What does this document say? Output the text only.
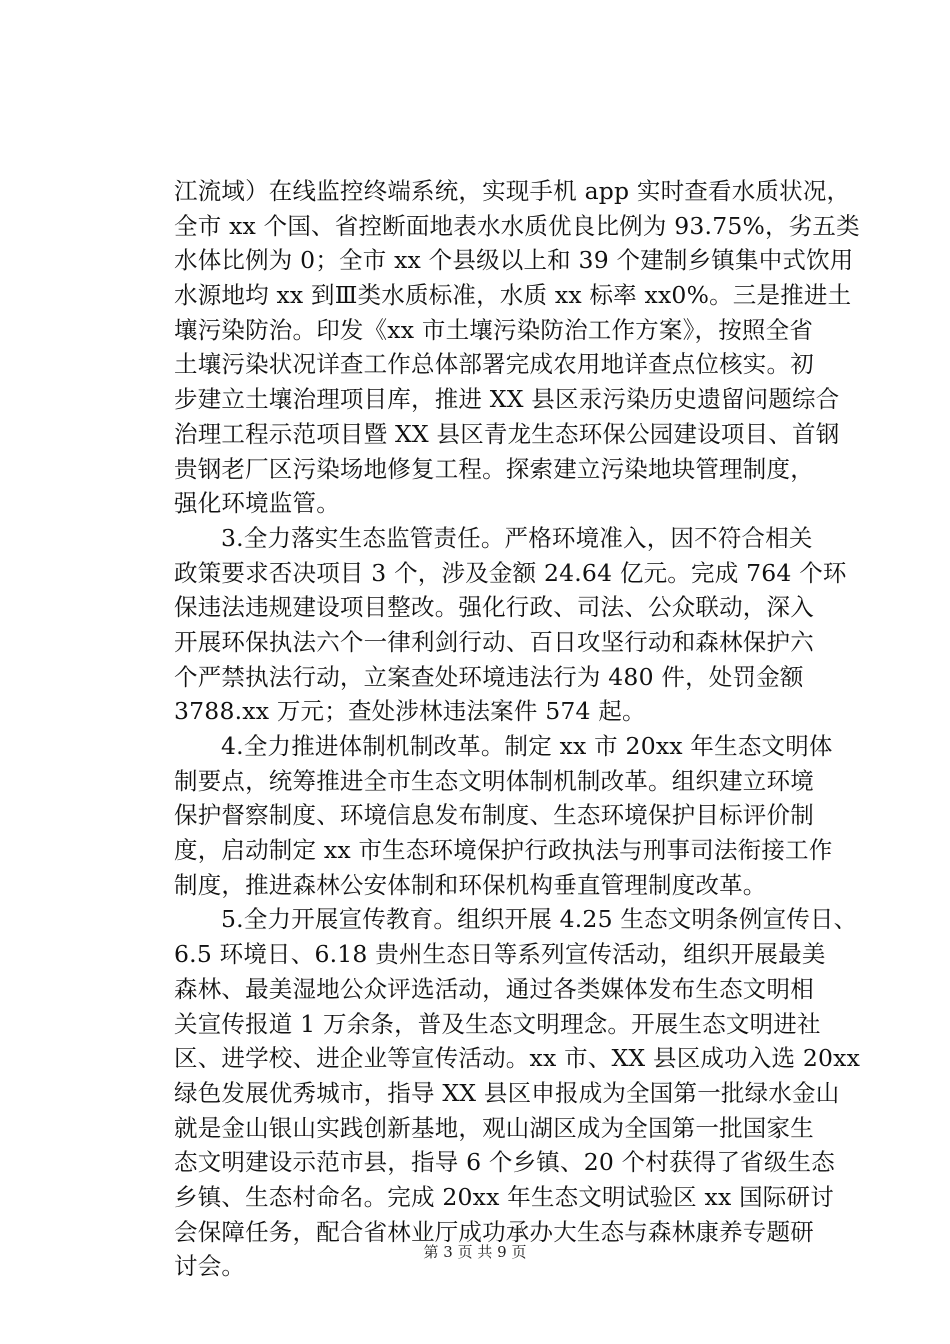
江流域）在线监控终端系统，实现手机 app 实时查看水质状况，
全市 xx 个国、省控断面地表水水质优良比例为 93.75%，劣五类
水体比例为 0；全市 xx 个县级以上和 39 个建制乡镇集中式饮用
水源地均 xx 到Ⅲ类水质标准，水质 xx 标率 xx0%。三是推进土
壤污染防治。印发《xx 市土壤污染防治工作方案》，按照全省
土壤污染状况详查工作总体部署完成农用地详查点位核实。初
步建立土壤治理项目库，推进 XX 县区汞污染历史遗留问题综合
治理工程示范项目暨 XX 县区青龙生态环保公园建设项目、首钢
贵钢老厂区污染场地修复工程。探索建立污染地块管理制度，
强化环境监管。
3.全力落实生态监管责任。严格环境准入，因不符合相关
政策要求否决项目 3 个，涉及金额 24.64 亿元。完成 764 个环
保违法违规建设项目整改。强化行政、司法、公众联动，深入
开展环保执法六个一律利剑行动、百日攻坚行动和森林保护六
个严禁执法行动，立案查处环境违法行为 480 件，处罚金额
3788.xx 万元；查处涉林违法案件 574 起。
4.全力推进体制机制改革。制定 xx 市 20xx 年生态文明体
制要点，统筹推进全市生态文明体制机制改革。组织建立环境
保护督察制度、环境信息发布制度、生态环境保护目标评价制
度，启动制定 xx 市生态环境保护行政执法与刑事司法衔接工作
制度，推进森林公安体制和环保机构垂直管理制度改革。
5.全力开展宣传教育。组织开展 4.25 生态文明条例宣传日、
6.5 环境日、6.18 贵州生态日等系列宣传活动，组织开展最美
森林、最美湿地公众评选活动，通过各类媒体发布生态文明相
关宣传报道 1 万余条，普及生态文明理念。开展生态文明进社
区、进学校、进企业等宣传活动。xx 市、XX 县区成功入选 20xx
绿色发展优秀城市，指导 XX 县区申报成为全国第一批绿水金山
就是金山银山实践创新基地，观山湖区成为全国第一批国家生
态文明建设示范市县，指导 6 个乡镇、20 个村获得了省级生态
乡镇、生态村命名。完成 20xx 年生态文明试验区 xx 国际研讨
会保障任务，配合省林业厅成功承办大生态与森林康养专题研
讨会。
第 3 页 共 9 页
